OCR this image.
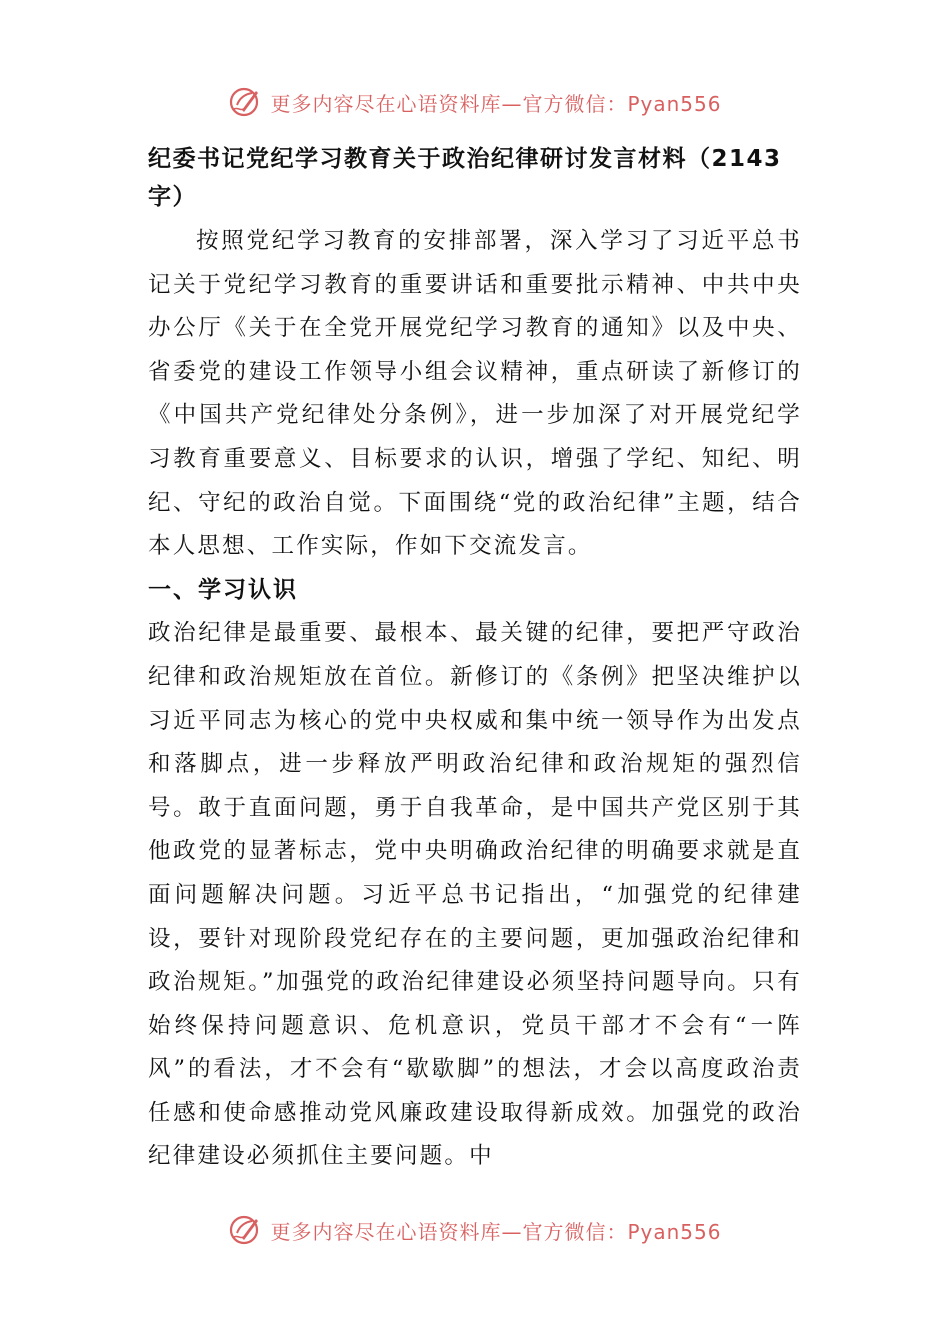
更多内容尽在心语资料库—官方微信：Pyan556

纪委书记党纪学习教育关于政治纪律研讨发言材料（2143字）

按照党纪学习教育的安排部署，深入学习了习近平总书记关于党纪学习教育的重要讲话和重要批示精神、中共中央办公厅《关于在全党开展党纪学习教育的通知》以及中央、省委党的建设工作领导小组会议精神，重点研读了新修订的《中国共产党纪律处分条例》，进一步加深了对开展党纪学习教育重要意义、目标要求的认识，增强了学纪、知纪、明纪、守纪的政治自觉。下面围绕“党的政治纪律”主题，结合本人思想、工作实际，作如下交流发言。

一、学习认识

政治纪律是最重要、最根本、最关键的纪律，要把严守政治纪律和政治规矩放在首位。新修订的《条例》把坚决维护以习近平同志为核心的党中央权威和集中统一领导作为出发点和落脚点，进一步释放严明政治纪律和政治规矩的强烈信号。敢于直面问题，勇于自我革命，是中国共产党区别于其他政党的显著标志，党中央明确政治纪律的明确要求就是直面问题解决问题。习近平总书记指出，“加强党的纪律建设，要针对现阶段党纪存在的主要问题，更加强政治纪律和政治规矩。”加强党的政治纪律建设必须坚持问题导向。只有始终保持问题意识、危机意识，党员干部才不会有“一阵风”的看法，才不会有“歇歇脚”的想法，才会以高度政治责任感和使命感推动党风廉政建设取得新成效。加强党的政治纪律建设必须抓住主要问题。中

更多内容尽在心语资料库—官方微信：Pyan556
